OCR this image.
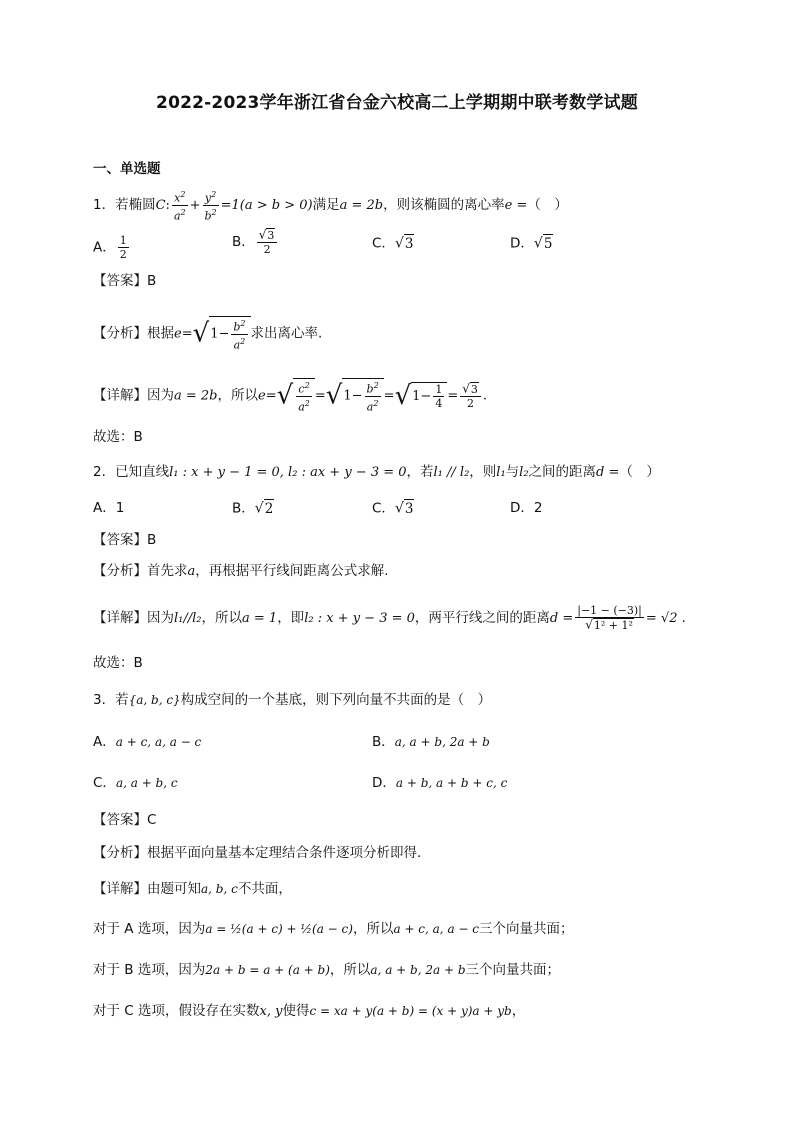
2022-2023学年浙江省台金六校高二上学期期中联考数学试题
一、单选题
1．若椭圆C: $\frac{x^2}{a^2} + \frac{y^2}{b^2} =1(a > b > 0)$满足a = 2b，则该椭圆的离心率e =（　）
A． $\frac{1}{2}$	B． $\frac{√3}{2}$	C．√3	D．√5
【答案】B
【分析】根据$e=√1- \frac{b^2}{a^2}$ 求出离心率.
【详解】因为a = 2b，所以$e=√ \frac{c^2}{a^2} =√1- \frac{b^2}{a^2} =√1- \frac{1}{4} = \frac{√3}{2}$ .
故选：B
2．已知直线l₁ : x + y − 1 = 0, l₂ : ax + y − 3 = 0，若l₁ // l₂，则l₁与l₂之间的距离d =（　）
A．1	B．√2	C．√3	D．2
【答案】B
【分析】首先求a，再根据平行线间距离公式求解.
【详解】因为l₁//l₂，所以a = 1，即l₂ : x + y − 3 = 0，两平行线之间的距离$d = \frac{|-1 - (-3)|}{\text{√1² + 1²}} = √2$ .
故选：B
3．若{a, b, c}构成空间的一个基底，则下列向量不共面的是（　）
A．a + c, a, a − c	B．a, a + b, 2a + b
C．a, a + b, c	D．a + b, a + b + c, c
【答案】C
【分析】根据平面向量基本定理结合条件逐项分析即得．
【详解】由题可知a, b, c不共面，
对于 A 选项，因为a = ½(a + c) + ½(a − c)，所以a + c, a, a − c三个向量共面；
对于 B 选项，因为2a + b = a + (a + b)，所以a, a + b, 2a + b三个向量共面；
对于 C 选项，假设存在实数x, y使得c = xa + y(a + b) = (x + y)a + yb，
